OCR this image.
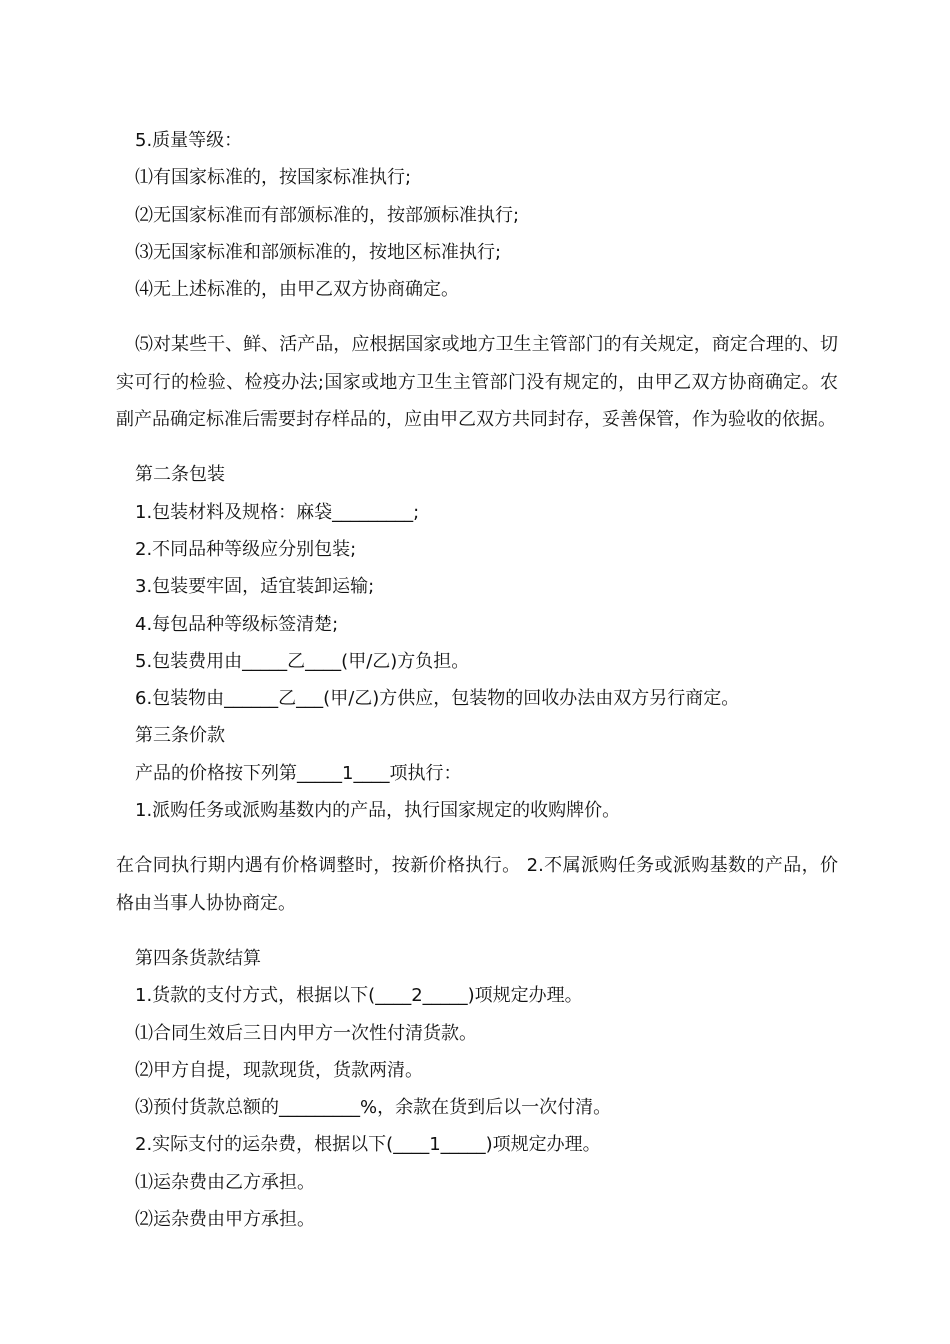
5.质量等级：

⑴有国家标准的，按国家标准执行;

⑵无国家标准而有部颁标准的，按部颁标准执行;

⑶无国家标准和部颁标准的，按地区标准执行;

⑷无上述标准的，由甲乙双方协商确定。

⑸对某些干、鲜、活产品，应根据国家或地方卫生主管部门的有关规定，商定合理的、切实可行的检验、检疫办法;国家或地方卫生主管部门没有规定的，由甲乙双方协商确定。农副产品确定标准后需要封存样品的，应由甲乙双方共同封存，妥善保管，作为验收的依据。

第二条包装

1.包装材料及规格：麻袋_________;

2.不同品种等级应分别包装;

3.包装要牢固，适宜装卸运输;

4.每包品种等级标签清楚;

5.包装费用由_____乙____(甲/乙)方负担。

6.包装物由______乙___(甲/乙)方供应，包装物的回收办法由双方另行商定。

第三条价款

产品的价格按下列第_____1____项执行：

1.派购任务或派购基数内的产品，执行国家规定的收购牌价。

在合同执行期内遇有价格调整时，按新价格执行。 2.不属派购任务或派购基数的产品，价格由当事人协协商定。

第四条货款结算

1.货款的支付方式，根据以下(____2_____)项规定办理。

⑴合同生效后三日内甲方一次性付清货款。

⑵甲方自提，现款现货，货款两清。

⑶预付货款总额的_________%，余款在货到后以一次付清。

2.实际支付的运杂费，根据以下(____1_____)项规定办理。

⑴运杂费由乙方承担。

⑵运杂费由甲方承担。
